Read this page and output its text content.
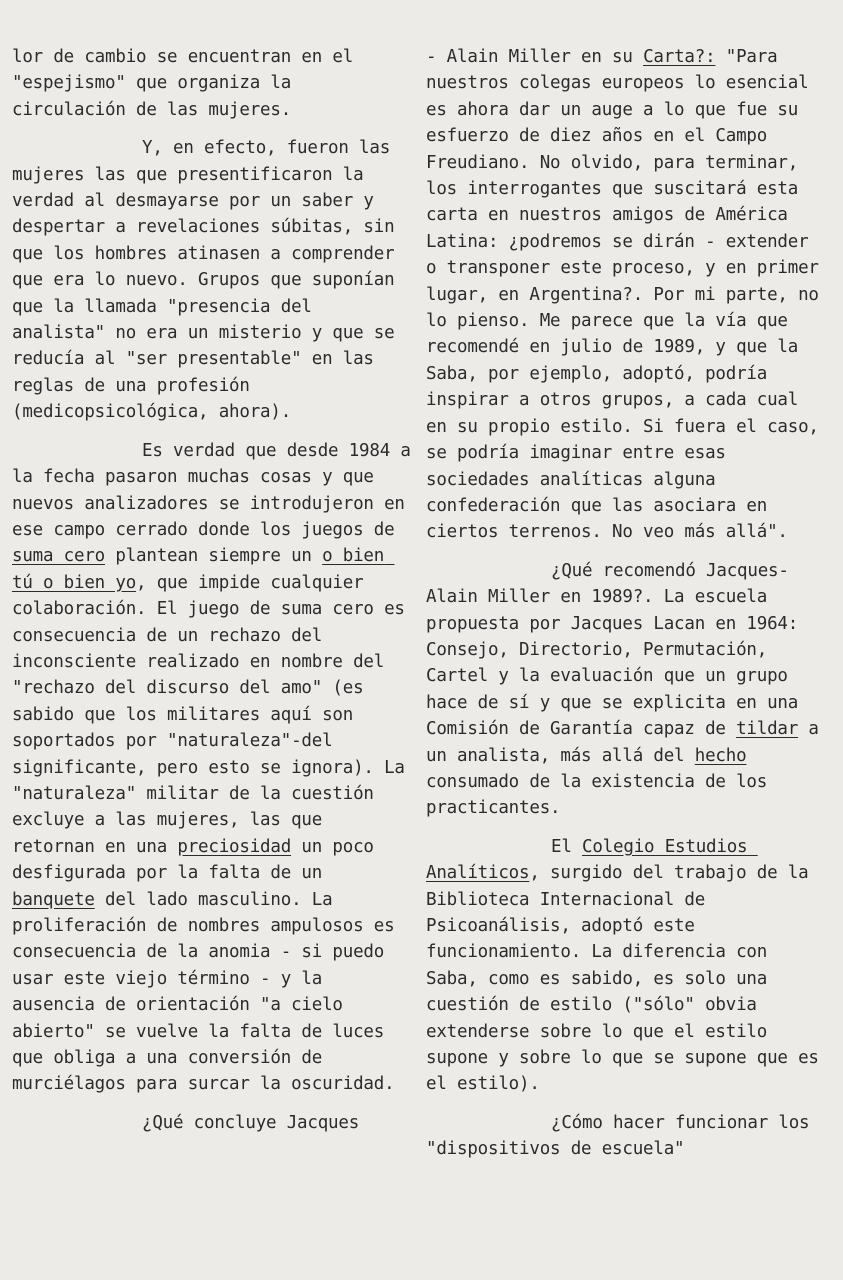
lor de cambio se encuentran en el "espejismo" que organiza la circulación de las mujeres.

Y, en efecto, fueron las mujeres las que presentificaron la verdad al desmayarse por un saber y despertar a revelaciones súbitas, sin que los hombres atinasen a comprender que era lo nuevo. Grupos que suponían que la llamada "presencia del analista" no era un misterio y que se reducía al "ser presentable" en las reglas de una profesión (medicopsicológica, ahora).

Es verdad que desde 1984 a la fecha pasaron muchas cosas y que nuevos analizadores se introdujeron en ese campo cerrado donde los juegos de suma cero plantean siempre un o bien tú o bien yo, que impide cualquier colaboración. El juego de suma cero es consecuencia de un rechazo del inconsciente realizado en nombre del "rechazo del discurso del amo" (es sabido que los militares aquí son soportados por "naturaleza"-del significante, pero esto se ignora). La "naturaleza" militar de la cuestión excluye a las mujeres, las que retornan en una preciosidad un poco desfigurada por la falta de un banquete del lado masculino. La proliferación de nombres ampulosos es consecuencia de la anomia - si puedo usar este viejo término - y la ausencia de orientación "a cielo abierto" se vuelve la falta de luces que obliga a una conversión de murciélagos para surcar la oscuridad.

¿Qué concluye Jacques

- Alain Miller en su Carta?: "Para nuestros colegas europeos lo esencial es ahora dar un auge a lo que fue su esfuerzo de diez años en el Campo Freudiano. No olvido, para terminar, los interrogantes que suscitará esta carta en nuestros amigos de América Latina: ¿podremos se dirán - extender o transponer este proceso, y en primer lugar, en Argentina?. Por mi parte, no lo pienso. Me parece que la vía que recomendé en julio de 1989, y que la Saba, por ejemplo, adoptó, podría inspirar a otros grupos, a cada cual en su propio estilo. Si fuera el caso, se podría imaginar entre esas sociedades analíticas alguna confederación que las asociara en ciertos terrenos. No veo más allá".

¿Qué recomendó Jacques-Alain Miller en 1989?. La escuela propuesta por Jacques Lacan en 1964: Consejo, Directorio, Permutación, Cartel y la evaluación que un grupo hace de sí y que se explicita en una Comisión de Garantía capaz de tildar a un analista, más allá del hecho consumado de la existencia de los practicantes.

El Colegio Estudios Analíticos, surgido del trabajo de la Biblioteca Internacional de Psicoanálisis, adoptó este funcionamiento. La diferencia con Saba, como es sabido, es solo una cuestión de estilo ("sólo" obvia extenderse sobre lo que el estilo supone y sobre lo que se supone que es el estilo).

¿Cómo hacer funcionar los "dispositivos de escuela"
